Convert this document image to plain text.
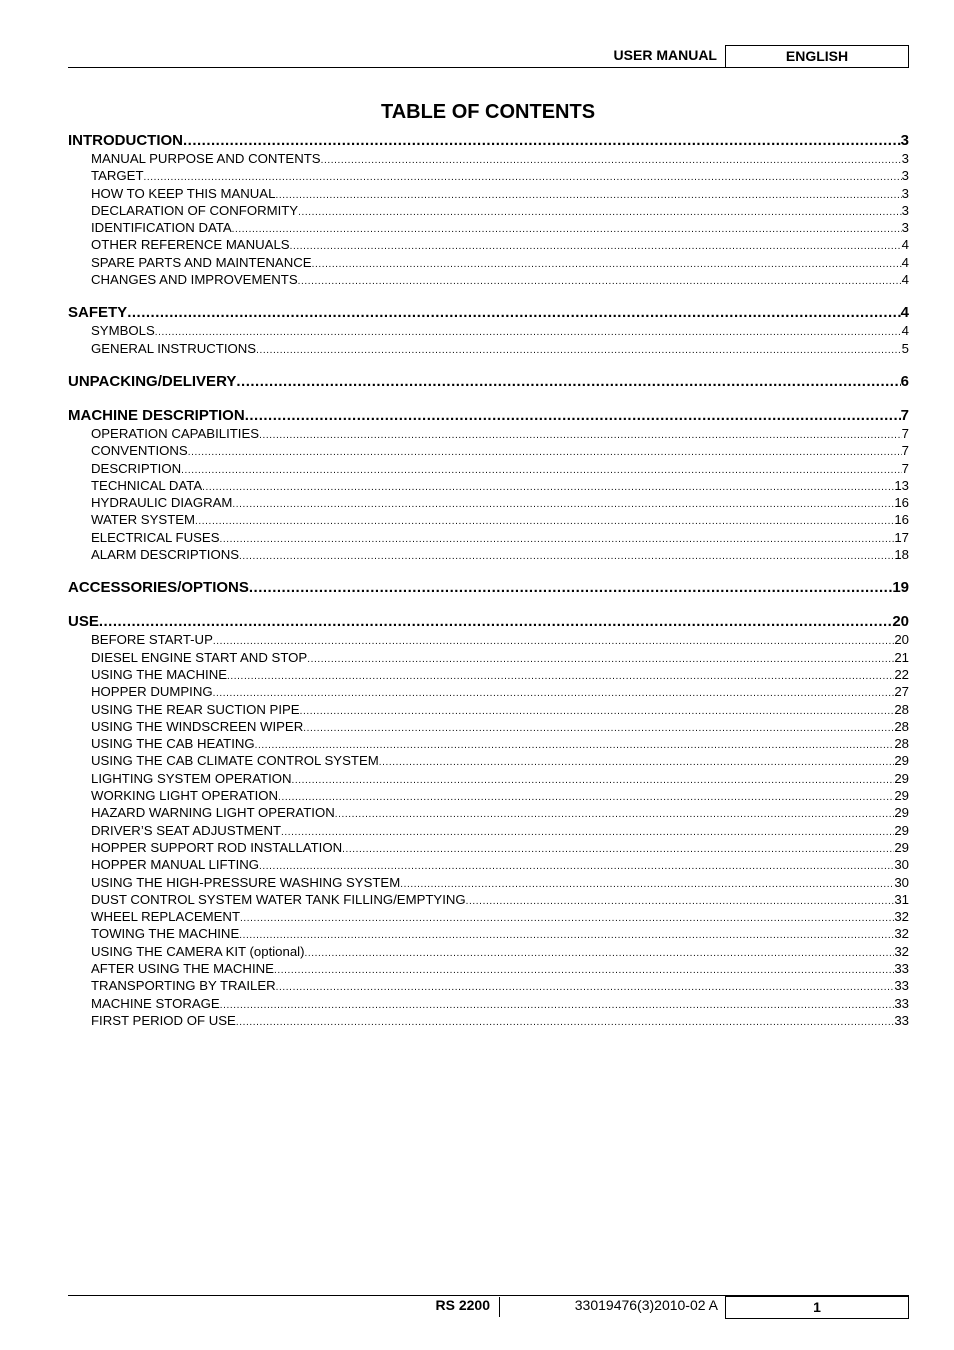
USER MANUAL	ENGLISH
TABLE OF CONTENTS
INTRODUCTION .....	3
MANUAL PURPOSE AND CONTENTS .....	3
TARGET .....	3
HOW TO KEEP THIS MANUAL .....	3
DECLARATION OF CONFORMITY .....	3
IDENTIFICATION DATA .....	3
OTHER REFERENCE MANUALS .....	4
SPARE PARTS AND MAINTENANCE .....	4
CHANGES AND IMPROVEMENTS .....	4
SAFETY .....	4
SYMBOLS .....	4
GENERAL INSTRUCTIONS .....	5
UNPACKING/DELIVERY .....	6
MACHINE DESCRIPTION .....	7
OPERATION CAPABILITIES .....	7
CONVENTIONS .....	7
DESCRIPTION .....	7
TECHNICAL DATA .....	13
HYDRAULIC DIAGRAM .....	16
WATER SYSTEM .....	16
ELECTRICAL FUSES .....	17
ALARM DESCRIPTIONS .....	18
ACCESSORIES/OPTIONS .....	19
USE .....	20
BEFORE START-UP .....	20
DIESEL ENGINE START AND STOP .....	21
USING THE MACHINE .....	22
HOPPER DUMPING .....	27
USING THE REAR SUCTION PIPE .....	28
USING THE WINDSCREEN WIPER .....	28
USING THE CAB HEATING .....	28
USING THE CAB CLIMATE CONTROL SYSTEM .....	29
LIGHTING SYSTEM OPERATION .....	29
WORKING LIGHT OPERATION .....	29
HAZARD WARNING LIGHT OPERATION .....	29
DRIVER’S SEAT ADJUSTMENT .....	29
HOPPER SUPPORT ROD INSTALLATION .....	29
HOPPER MANUAL LIFTING .....	30
USING THE HIGH-PRESSURE WASHING SYSTEM .....	30
DUST CONTROL SYSTEM WATER TANK FILLING/EMPTYING .....	31
WHEEL REPLACEMENT .....	32
TOWING THE MACHINE .....	32
USING THE CAMERA KIT (optional) .....	32
AFTER USING THE MACHINE .....	33
TRANSPORTING BY TRAILER .....	33
MACHINE STORAGE .....	33
FIRST PERIOD OF USE .....	33
RS 2200	33019476(3)2010-02 A	1
